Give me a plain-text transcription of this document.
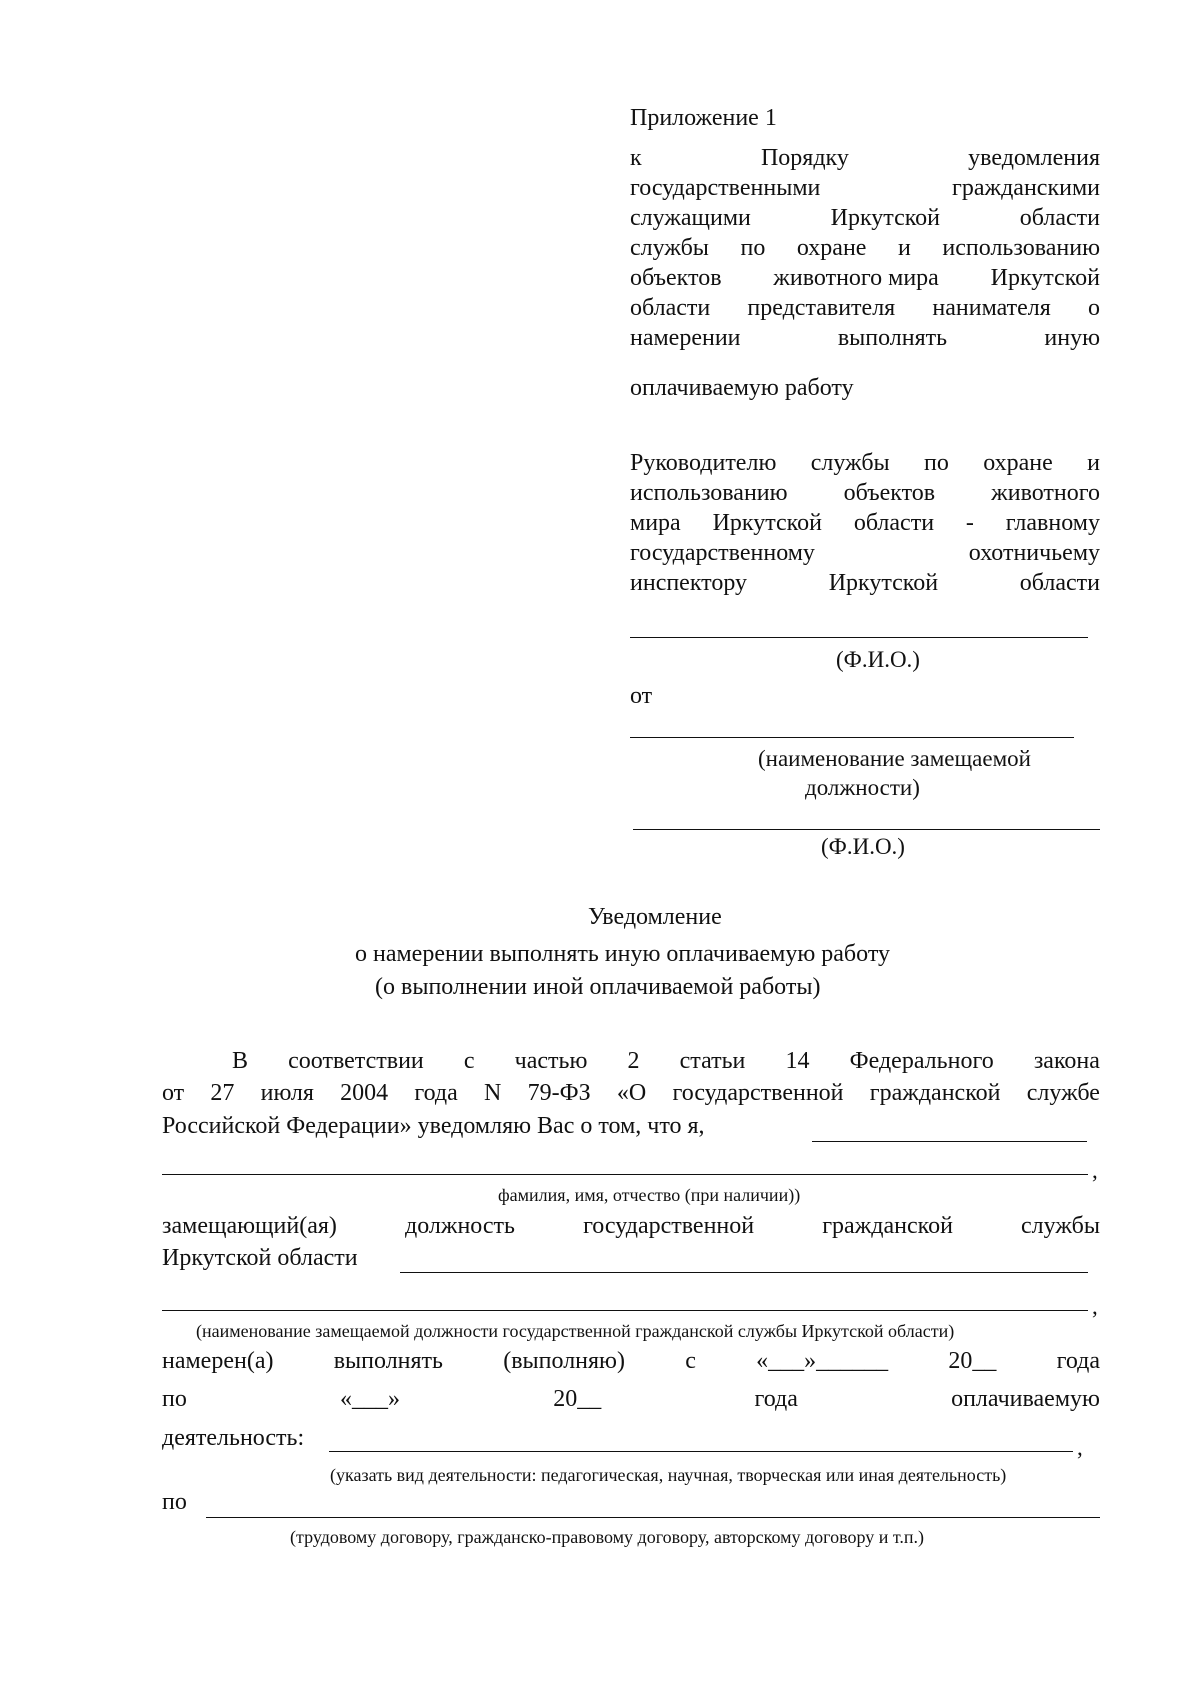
Приложение 1
к	Порядку	уведомления
государственными	гражданскими
служащими	Иркутской	области
службы по охране и использованию
объектов животного мира Иркутской
области представителя нанимателя о
намерении	выполнять	иную
оплачиваемую работу
Руководителю службы по охране и
использованию объектов животного
мира Иркутской области - главному
государственному	охотничьему
инспектору	Иркутской	области
(Ф.И.О.)
от
(наименование замещаемой
должности)
(Ф.И.О.)
Уведомление
о намерении выполнять иную оплачиваемую работу
(о выполнении иной оплачиваемой работы)
В соответствии с частью 2 статьи 14 Федерального закона
от 27 июля 2004 года N 79-ФЗ «О государственной гражданской службе
Российской Федерации» уведомляю Вас о том, что я,
,
фамилия, имя, отчество (при наличии))
замещающий(ая)	должность	государственной	гражданской	службы
Иркутской области
,
(наименование замещаемой должности государственной гражданской службы Иркутской области)
намерен(а)	выполнять	(выполняю)	с	«___»______	20__	года
по	«___»	20__	года	оплачиваемую
деятельность:	,
(указать вид деятельности: педагогическая, научная, творческая или иная деятельность)
по
(трудовому договору, гражданско-правовому договору, авторскому договору и т.п.)
